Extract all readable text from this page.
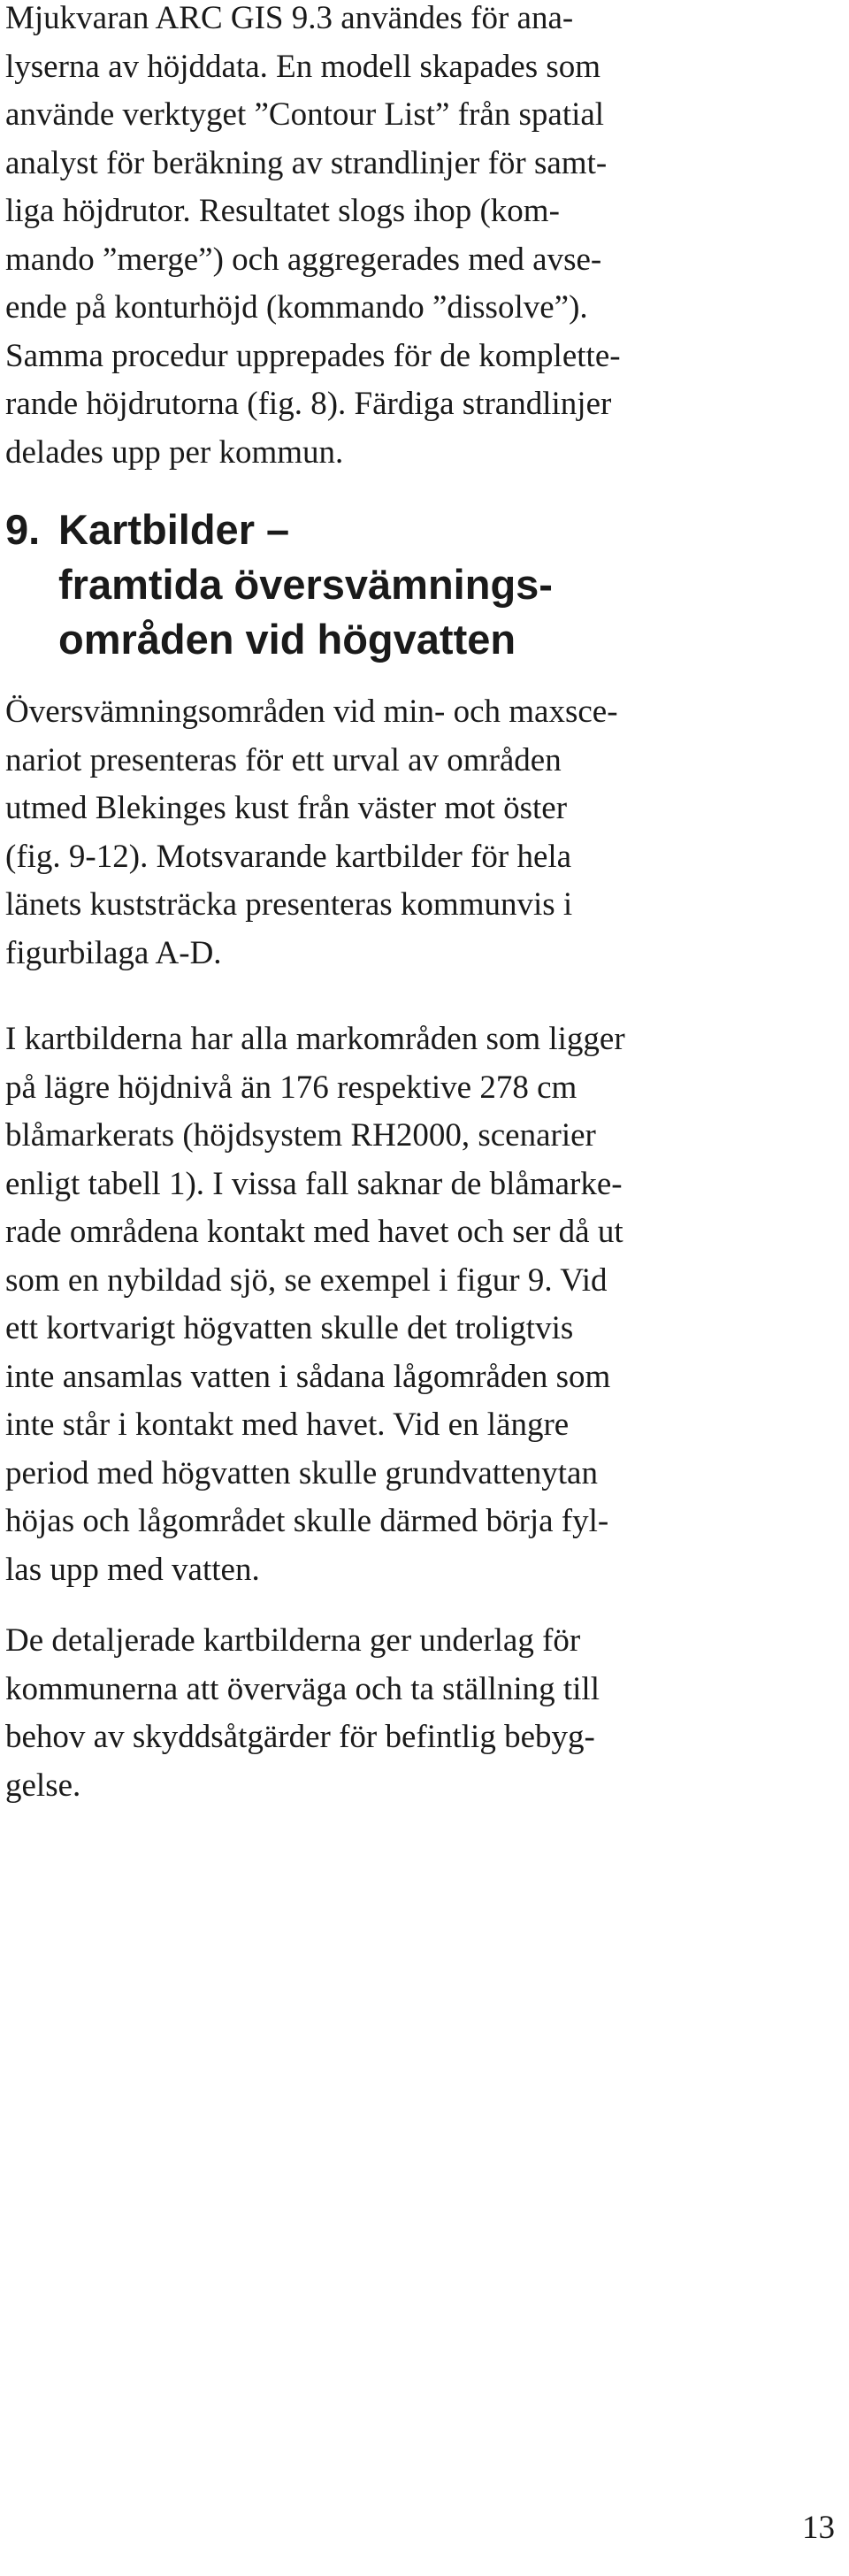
Mjukvaran ARC GIS 9.3 användes för ana-
lyserna av höjddata. En modell skapades som
använde verktyget ”Contour List” från spatial
analyst för beräkning av strandlinjer för samt-
liga höjdrutor. Resultatet slogs ihop (kom-
mando ”merge”) och aggregerades med avse-
ende på konturhöjd (kommando ”dissolve”).
Samma procedur upprepades för de komplette-
rande höjdrutorna (fig. 8). Färdiga strandlinjer
delades upp per kommun.

9. Kartbilder –
framtida översvämnings-
områden vid högvatten

Översvämningsområden vid min- och maxsce-
nariot presenteras för ett urval av områden
utmed Blekinges kust från väster mot öster
(fig. 9-12). Motsvarande kartbilder för hela
länets kuststräcka presenteras kommunvis i
figurbilaga A-D.

I kartbilderna har alla markområden som ligger
på lägre höjdnivå än 176 respektive 278 cm
blåmarkerats (höjdsystem RH2000, scenarier
enligt tabell 1). I vissa fall saknar de blåmarke-
rade områdena kontakt med havet och ser då ut
som en nybildad sjö, se exempel i figur 9. Vid
ett kortvarigt högvatten skulle det troligtvis
inte ansamlas vatten i sådana lågområden som
inte står i kontakt med havet. Vid en längre
period med högvatten skulle grundvattenytan
höjas och lågområdet skulle därmed börja fyl-
las upp med vatten.

De detaljerade kartbilderna ger underlag för
kommunerna att överväga och ta ställning till
behov av skyddsåtgärder för befintlig bebyg-
gelse.

13
